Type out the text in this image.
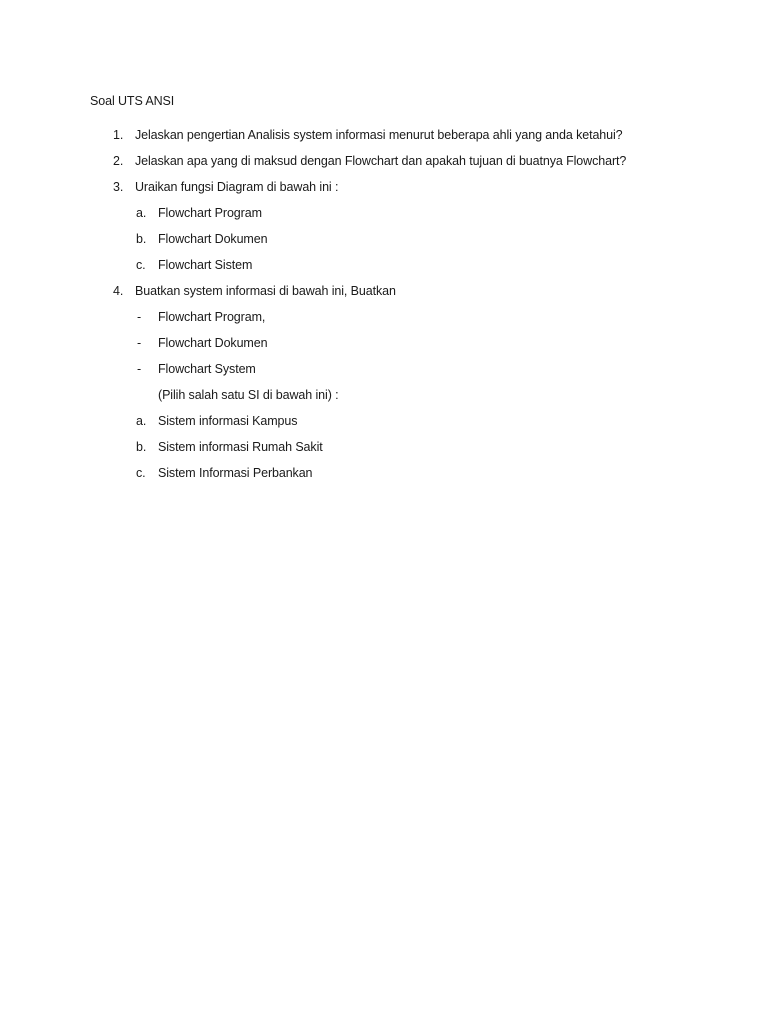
Soal UTS ANSI
1. Jelaskan pengertian Analisis system informasi menurut beberapa ahli yang anda ketahui?
2. Jelaskan apa yang di maksud dengan Flowchart dan apakah tujuan di buatnya Flowchart?
3. Uraikan fungsi Diagram di bawah ini :
a. Flowchart Program
b. Flowchart Dokumen
c. Flowchart Sistem
4. Buatkan system informasi di bawah ini, Buatkan
- Flowchart Program,
- Flowchart Dokumen
- Flowchart System
(Pilih salah satu SI di bawah ini) :
a. Sistem informasi Kampus
b. Sistem informasi Rumah Sakit
c. Sistem Informasi Perbankan
